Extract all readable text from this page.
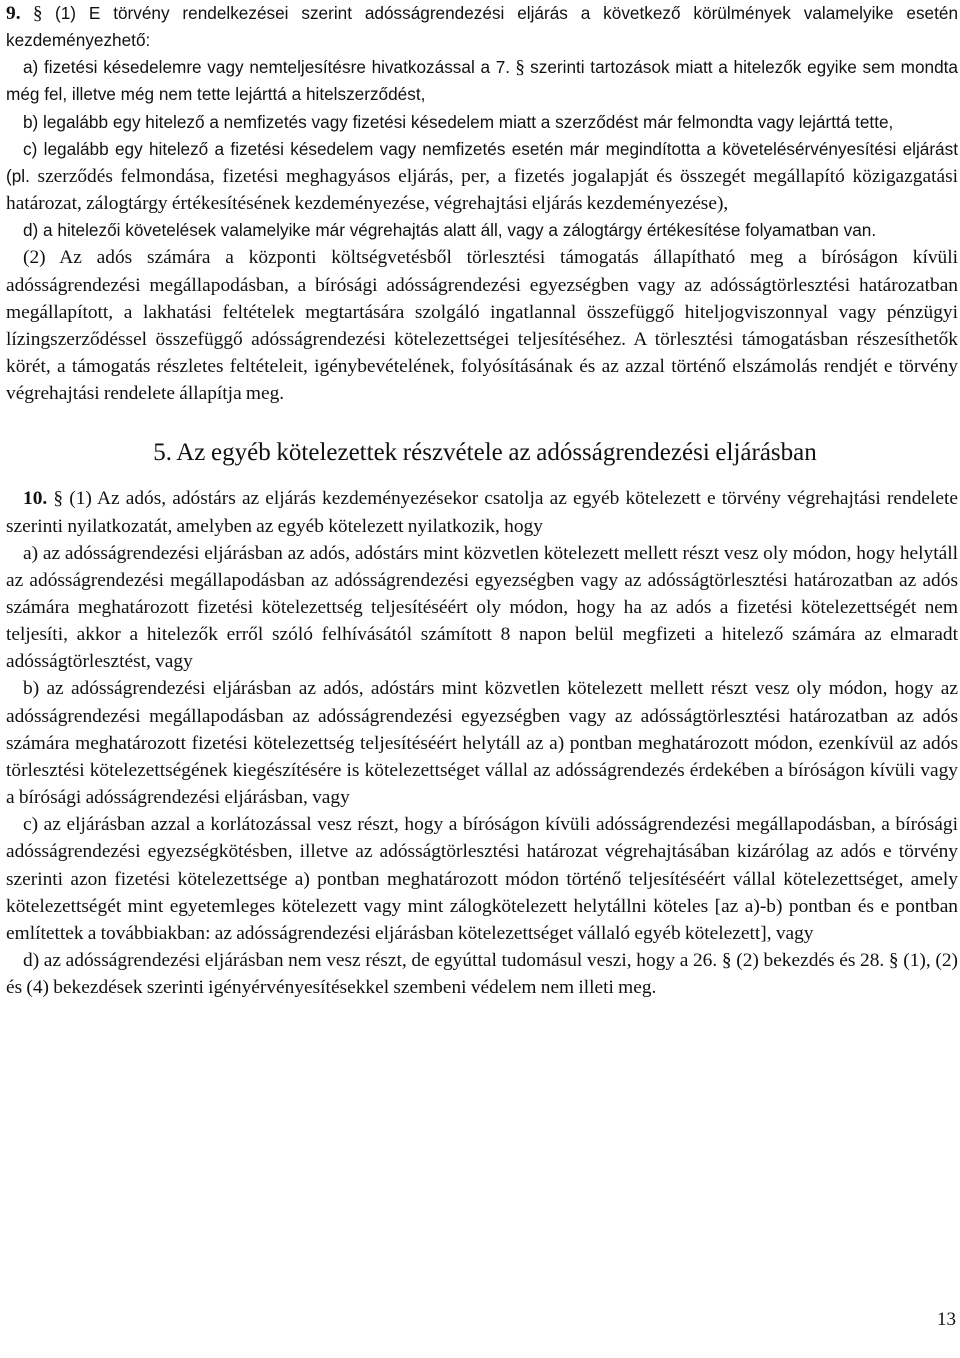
9. § (1) E törvény rendelkezései szerint adósságrendezési eljárás a következő körülmények valamelyike esetén kezdeményezhető:

a) fizetési késedelemre vagy nemteljesítésre hivatkozással a 7. § szerinti tartozások miatt a hitelezők egyike sem mondta még fel, illetve még nem tette lejárttá a hitelszerződést,

b) legalább egy hitelező a nemfizetés vagy fizetési késedelem miatt a szerződést már felmondta vagy lejárttá tette,

c) legalább egy hitelező a fizetési késedelem vagy nemfizetés esetén már megindította a követelésérvényesítési eljárást (pl. szerződés felmondása, fizetési meghagyásos eljárás, per, a fizetés jogalapját és összegét megállapító közigazgatási határozat, zálogtárgy értékesítésének kezdeményezése, végrehajtási eljárás kezdeményezése),

d) a hitelezői követelések valamelyike már végrehajtás alatt áll, vagy a zálogtárgy értékesítése folyamatban van.

(2) Az adós számára a központi költségvetésből törlesztési támogatás állapítható meg a bíróságon kívüli adósságrendezési megállapodásban, a bírósági adósságrendezési egyezségben vagy az adósságtörlesztési határozatban megállapított, a lakhatási feltételek megtartására szolgáló ingatlannal összefüggő hiteljogviszonnyal vagy pénzügyi lízingszerződéssel összefüggő adósságrendezési kötelezettségei teljesítéséhez. A törlesztési támogatásban részesíthetők körét, a támogatás részletes feltételeit, igénybevételének, folyósításának és az azzal történő elszámolás rendjét e törvény végrehajtási rendelete állapítja meg.

5. Az egyéb kötelezettek részvétele az adósságrendezési eljárásban

10. § (1) Az adós, adóstárs az eljárás kezdeményezésekor csatolja az egyéb kötelezett e törvény végrehajtási rendelete szerinti nyilatkozatát, amelyben az egyéb kötelezett nyilatkozik, hogy

a) az adósságrendezési eljárásban az adós, adóstárs mint közvetlen kötelezett mellett részt vesz oly módon, hogy helytáll az adósságrendezési megállapodásban az adósságrendezési egyezségben vagy az adósságtörlesztési határozatban az adós számára meghatározott fizetési kötelezettség teljesítéséért oly módon, hogy ha az adós a fizetési kötelezettségét nem teljesíti, akkor a hitelezők erről szóló felhívásától számított 8 napon belül megfizeti a hitelező számára az elmaradt adósságtörlesztést, vagy

b) az adósságrendezési eljárásban az adós, adóstárs mint közvetlen kötelezett mellett részt vesz oly módon, hogy az adósságrendezési megállapodásban az adósságrendezési egyezségben vagy az adósságtörlesztési határozatban az adós számára meghatározott fizetési kötelezettség teljesítéséért helytáll az a) pontban meghatározott módon, ezenkívül az adós törlesztési kötelezettségének kiegészítésére is kötelezettséget vállal az adósságrendezés érdekében a bíróságon kívüli vagy a bírósági adósságrendezési eljárásban, vagy

c) az eljárásban azzal a korlátozással vesz részt, hogy a bíróságon kívüli adósságrendezési megállapodásban, a bírósági adósságrendezési egyezségkötésben, illetve az adósságtörlesztési határozat végrehajtásában kizárólag az adós e törvény szerinti azon fizetési kötelezettsége a) pontban meghatározott módon történő teljesítéséért vállal kötelezettséget, amely kötelezettségét mint egyetemleges kötelezett vagy mint zálogkötelezett helytállni köteles [az a)-b) pontban és e pontban említettek a továbbiakban: az adósságrendezési eljárásban kötelezettséget vállaló egyéb kötelezett], vagy

d) az adósságrendezési eljárásban nem vesz részt, de egyúttal tudomásul veszi, hogy a 26. § (2) bekezdés és 28. § (1), (2) és (4) bekezdések szerinti igényérvényesítésekkel szembeni védelem nem illeti meg.

13
